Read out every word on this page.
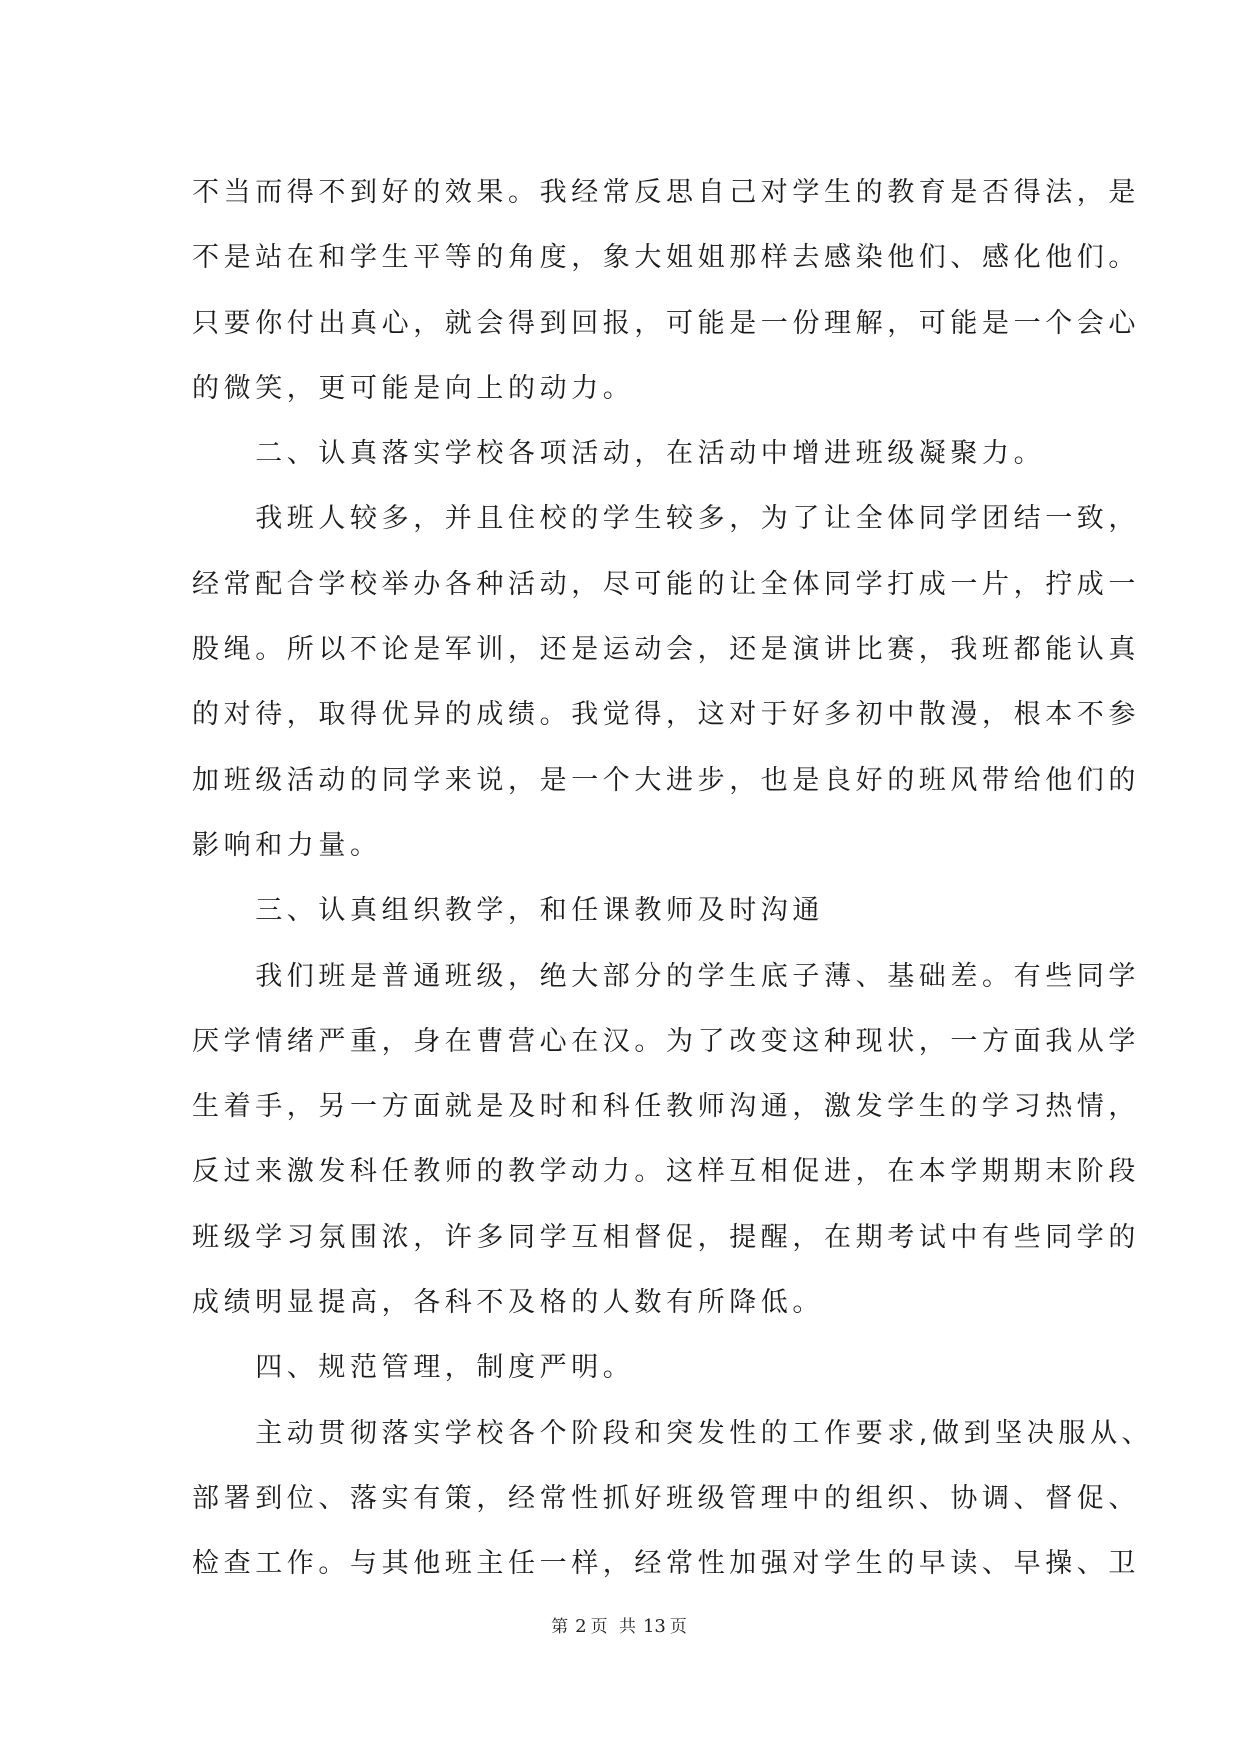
不当而得不到好的效果。我经常反思自己对学生的教育是否得法，是
不是站在和学生平等的角度，象大姐姐那样去感染他们、感化他们。
只要你付出真心，就会得到回报，可能是一份理解，可能是一个会心
的微笑，更可能是向上的动力。
　　二、认真落实学校各项活动，在活动中增进班级凝聚力。
　　我班人较多，并且住校的学生较多，为了让全体同学团结一致，
经常配合学校举办各种活动，尽可能的让全体同学打成一片，拧成一
股绳。所以不论是军训，还是运动会，还是演讲比赛，我班都能认真
的对待，取得优异的成绩。我觉得，这对于好多初中散漫，根本不参
加班级活动的同学来说，是一个大进步，也是良好的班风带给他们的
影响和力量。
　　三、认真组织教学，和任课教师及时沟通
　　我们班是普通班级，绝大部分的学生底子薄、基础差。有些同学
厌学情绪严重，身在曹营心在汉。为了改变这种现状，一方面我从学
生着手，另一方面就是及时和科任教师沟通，激发学生的学习热情，
反过来激发科任教师的教学动力。这样互相促进，在本学期期末阶段
班级学习氛围浓，许多同学互相督促，提醒，在期考试中有些同学的
成绩明显提高，各科不及格的人数有所降低。
　　四、规范管理，制度严明。
　　主动贯彻落实学校各个阶段和突发性的工作要求,做到坚决服从、
部署到位、落实有策，经常性抓好班级管理中的组织、协调、督促、
检查工作。与其他班主任一样，经常性加强对学生的早读、早操、卫
第 2 页 共 13 页
